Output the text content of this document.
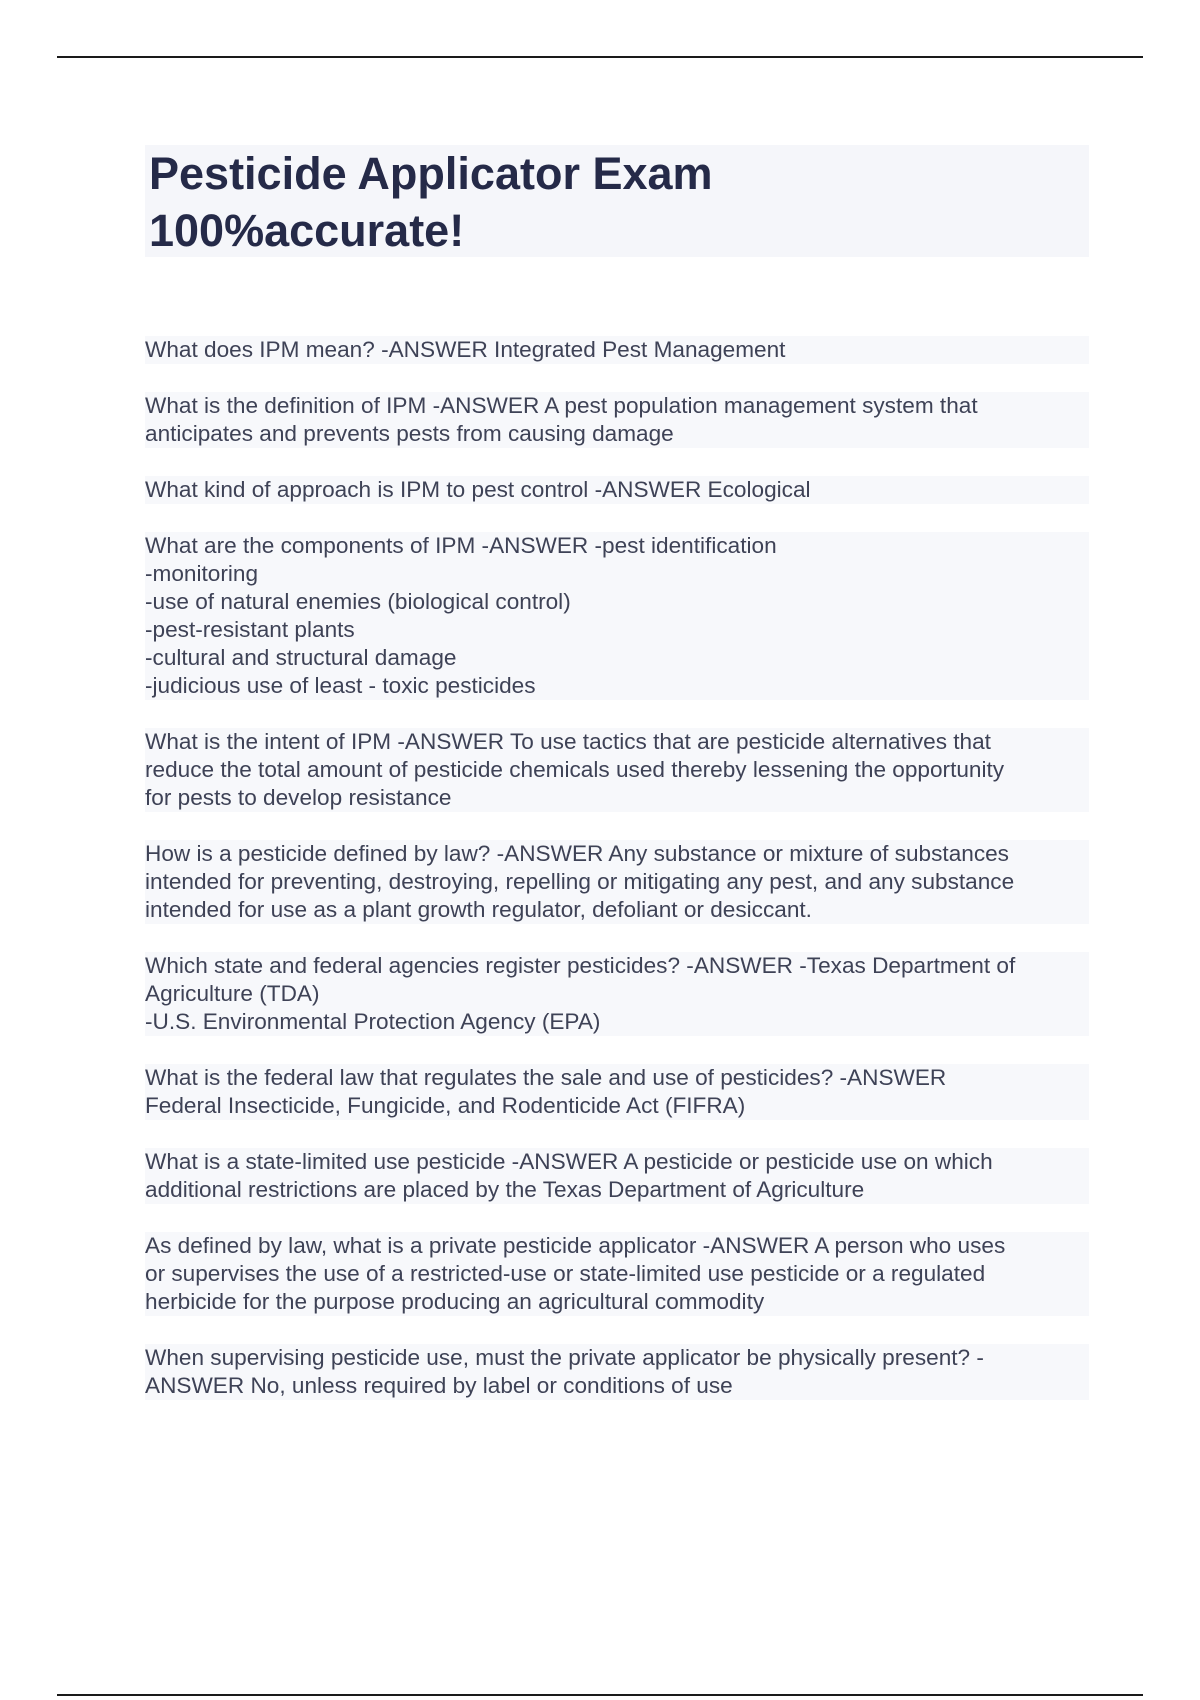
Pesticide Applicator Exam
100%accurate!

What does IPM mean? -ANSWER Integrated Pest Management

What is the definition of IPM -ANSWER A pest population management system that
anticipates and prevents pests from causing damage

What kind of approach is IPM to pest control -ANSWER Ecological

What are the components of IPM -ANSWER -pest identification
-monitoring
-use of natural enemies (biological control)
-pest-resistant plants
-cultural and structural damage
-judicious use of least - toxic pesticides

What is the intent of IPM -ANSWER To use tactics that are pesticide alternatives that
reduce the total amount of pesticide chemicals used thereby lessening the opportunity
for pests to develop resistance

How is a pesticide defined by law? -ANSWER Any substance or mixture of substances
intended for preventing, destroying, repelling or mitigating any pest, and any substance
intended for use as a plant growth regulator, defoliant or desiccant.

Which state and federal agencies register pesticides? -ANSWER -Texas Department of
Agriculture (TDA)
-U.S. Environmental Protection Agency (EPA)

What is the federal law that regulates the sale and use of pesticides? -ANSWER
Federal Insecticide, Fungicide, and Rodenticide Act (FIFRA)

What is a state-limited use pesticide -ANSWER A pesticide or pesticide use on which
additional restrictions are placed by the Texas Department of Agriculture

As defined by law, what is a private pesticide applicator -ANSWER A person who uses
or supervises the use of a restricted-use or state-limited use pesticide or a regulated
herbicide for the purpose producing an agricultural commodity

When supervising pesticide use, must the private applicator be physically present? -
ANSWER No, unless required by label or conditions of use
